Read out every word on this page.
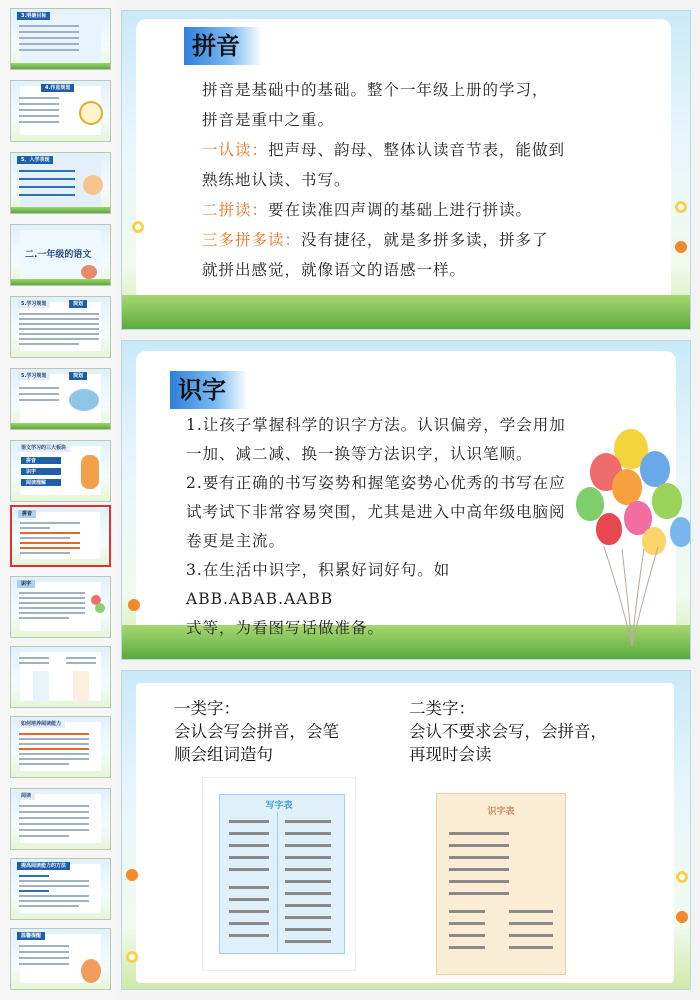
3.明确目标
4.作息规划
5、入学表现
二.一年级的语文
5.学习规划	规划
5.学习规划	规划
语文学习的三大板块
拼音
识字
阅读理解
拼音
识字
如何培养阅读能力
阅读
提高阅读能力的方法
温馨提醒
拼音
拼音是基础中的基础。整个一年级上册的学习，
拼音是重中之重。
一认读：把声母、韵母、整体认读音节表，能做到
熟练地认读、书写。
二拼读：要在读准四声调的基础上进行拼读。
三多拼多读：没有捷径，就是多拼多读，拼多了
就拼出感觉，就像语文的语感一样。
识字
1.让孩子掌握科学的识字方法。认识偏旁，学会用加
一加、减二减、换一换等方法识字，认识笔顺。
2.要有正确的书写姿势和握笔姿势心优秀的书写在应
试考试下非常容易突围，尤其是进入中高年级电脑阅
卷更是主流。
3.在生活中识字，积累好词好句。如ABB.ABAB.AABB
式等，为看图写话做准备。
一类字：
会认会写会拼音，会笔
顺会组词造句
二类字：
会认不要求会写，会拼音，
再现时会读
写字表
识字表
